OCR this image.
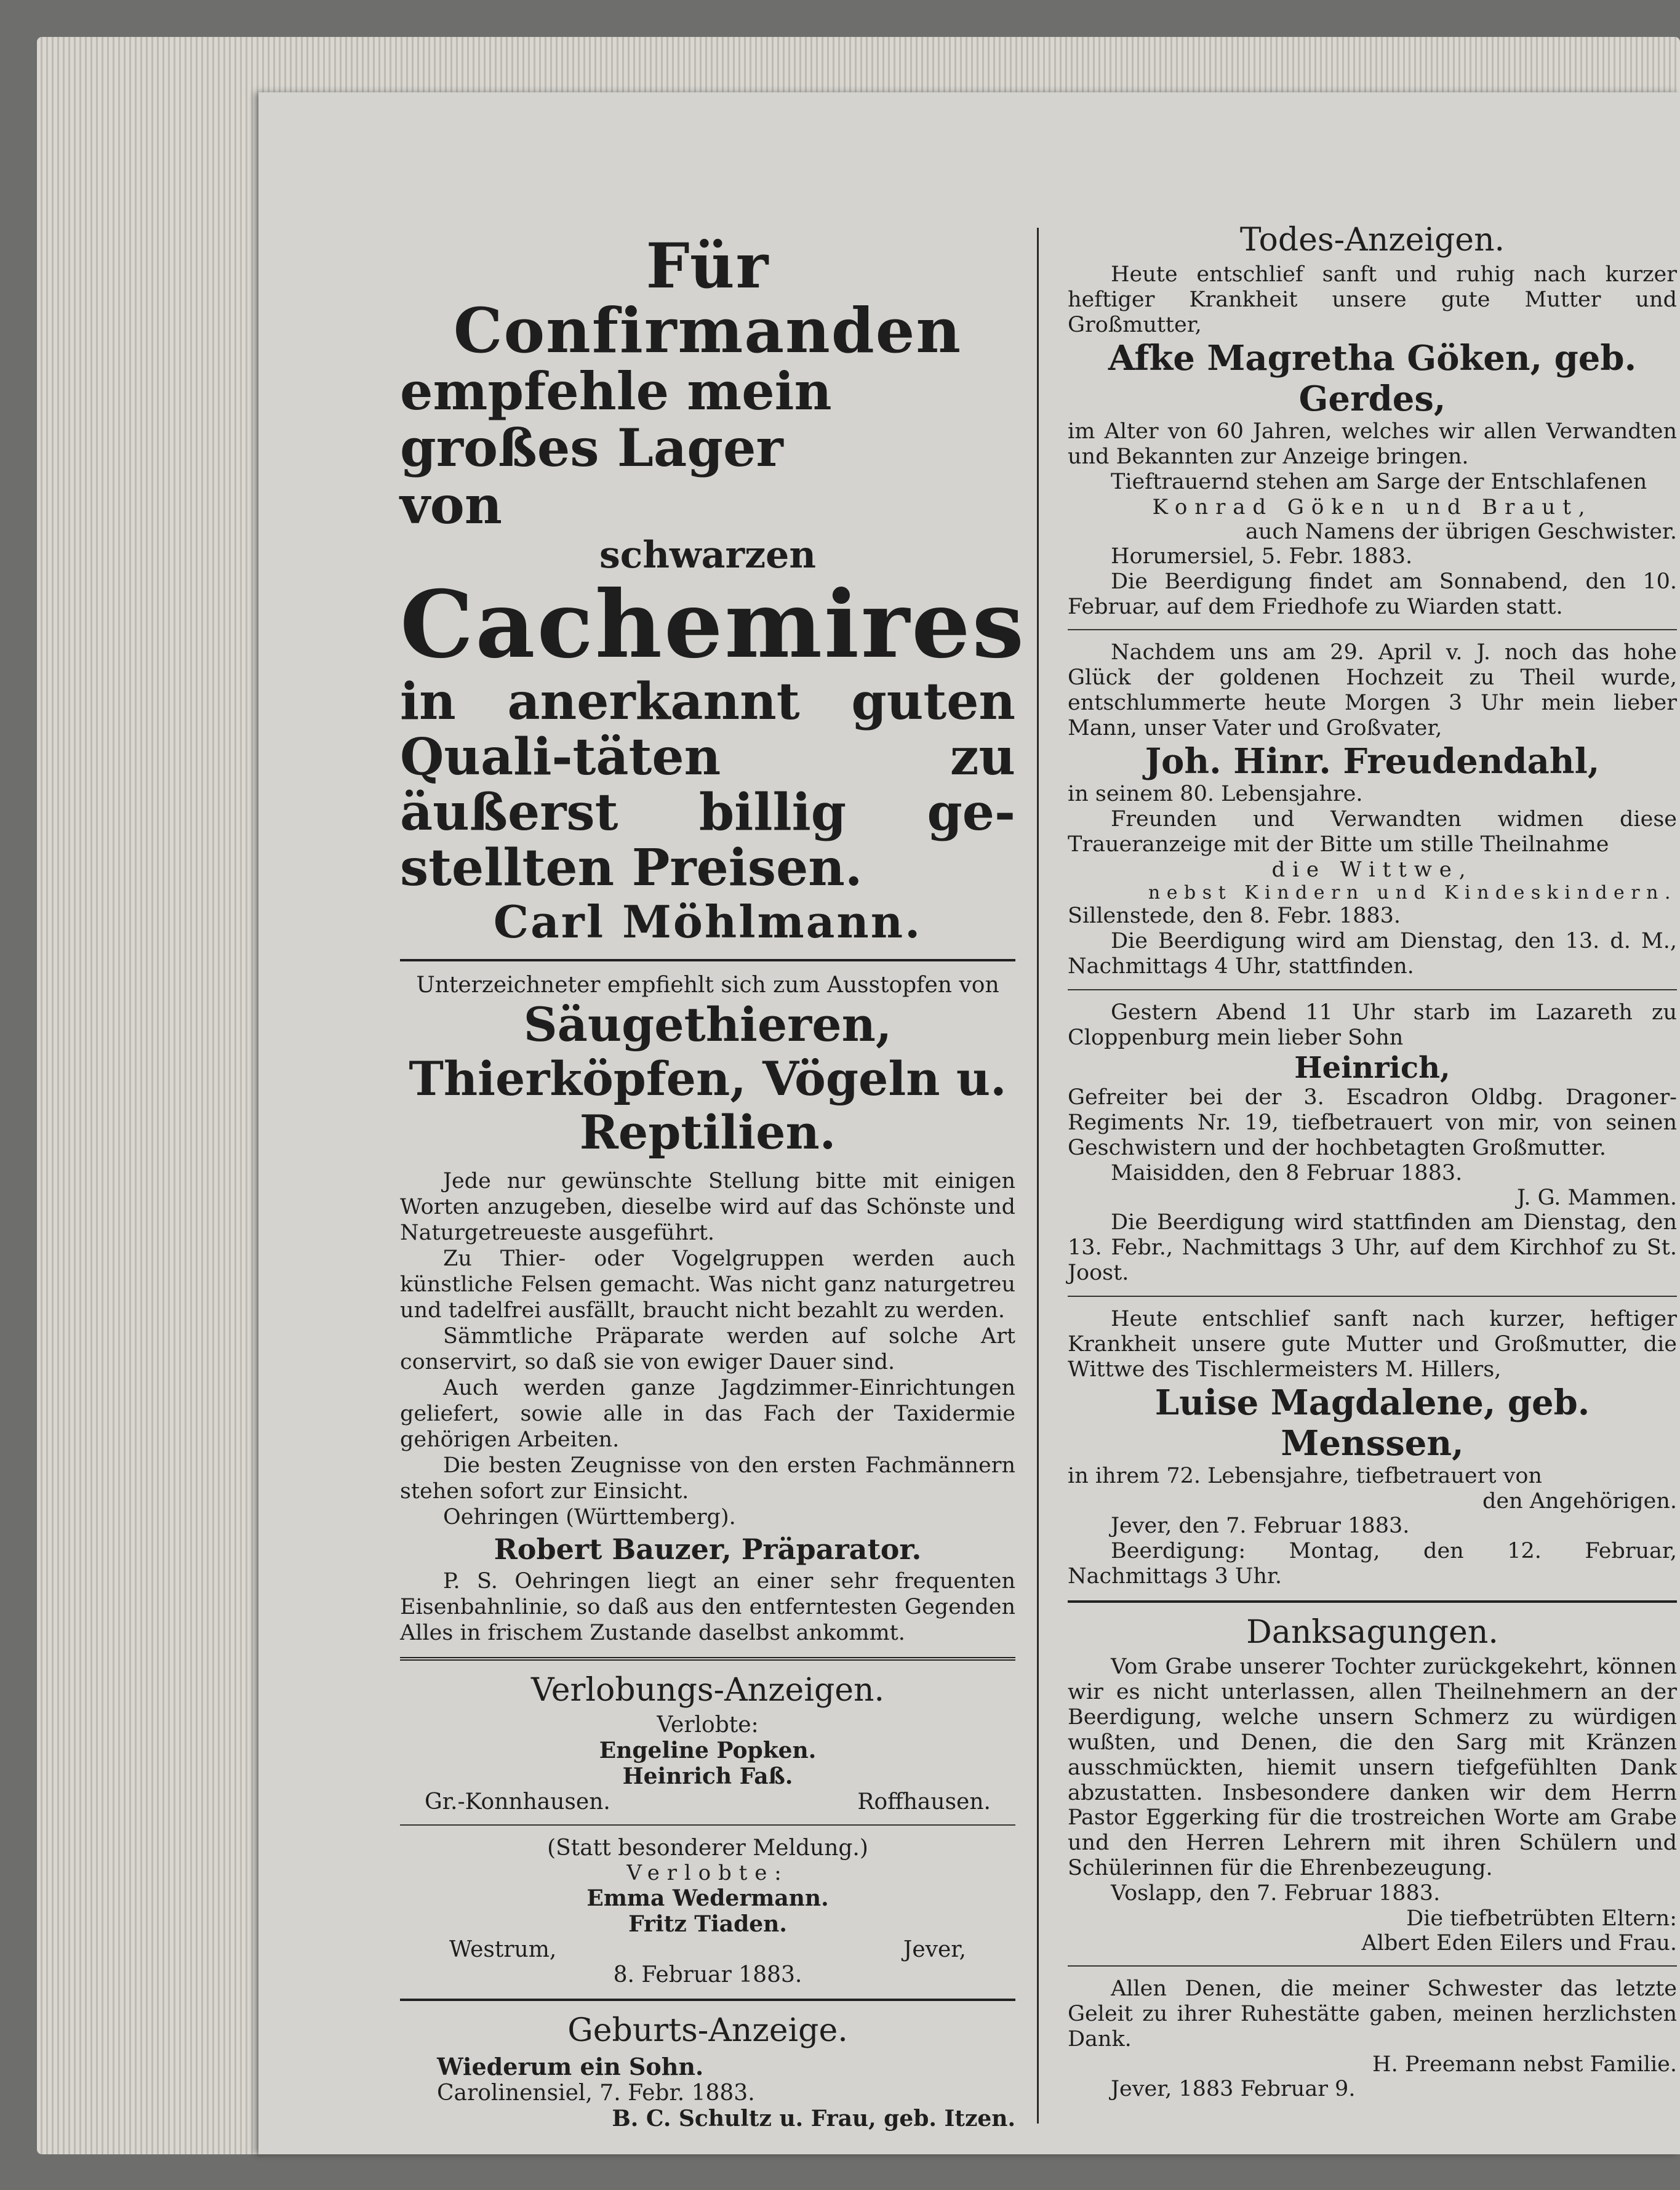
Für Confirmanden
empfehle mein großes Lager
von
schwarzen
Cachemires
in anerkannt guten Quali-täten zu äußerst billig ge-stellten Preisen.
Carl Möhlmann.

Unterzeichneter empfiehlt sich zum Ausstopfen von

Säugethieren, Thierköpfen, Vögeln u. Reptilien.

Jede nur gewünschte Stellung bitte mit einigen Worten anzugeben, dieselbe wird auf das Schönste und Naturgetreueste ausgeführt.

Zu Thier- oder Vogelgruppen werden auch künstliche Felsen gemacht. Was nicht ganz naturgetreu und tadelfrei ausfällt, braucht nicht bezahlt zu werden.

Sämmtliche Präparate werden auf solche Art conservirt, so daß sie von ewiger Dauer sind.

Auch werden ganze Jagdzimmer-Einrichtungen geliefert, sowie alle in das Fach der Taxidermie gehörigen Arbeiten.

Die besten Zeugnisse von den ersten Fachmännern stehen sofort zur Einsicht.

Oehringen (Württemberg).

Robert Bauzer, Präparator.

P. S. Oehringen liegt an einer sehr frequenten Eisenbahnlinie, so daß aus den entferntesten Gegenden Alles in frischem Zustande daselbst ankommt.

Verlobungs-Anzeigen.

Verlobte:

Engeline Popken.

Heinrich Faß.

Gr.-Konnhausen.	Roffhausen.

(Statt besonderer Meldung.)

Verlobte:

Emma Wedermann.

Fritz Tiaden.

Westrum,	Jever,

8. Februar 1883.

Geburts-Anzeige.

Wiederum ein Sohn.

Carolinensiel, 7. Febr. 1883.

B. C. Schultz u. Frau, geb. Itzen.

Todes-Anzeigen.

Heute entschlief sanft und ruhig nach kurzer heftiger Krankheit unsere gute Mutter und Großmutter,

Afke Magretha Göken, geb. Gerdes,

im Alter von 60 Jahren, welches wir allen Verwandten und Bekannten zur Anzeige bringen.

Tieftrauernd stehen am Sarge der Entschlafenen

Konrad Göken und Braut,

auch Namens der übrigen Geschwister.

Horumersiel, 5. Febr. 1883.

Die Beerdigung findet am Sonnabend, den 10. Februar, auf dem Friedhofe zu Wiarden statt.

Nachdem uns am 29. April v. J. noch das hohe Glück der goldenen Hochzeit zu Theil wurde, entschlummerte heute Morgen 3 Uhr mein lieber Mann, unser Vater und Großvater,

Joh. Hinr. Freudendahl,

in seinem 80. Lebensjahre.

Freunden und Verwandten widmen diese Traueranzeige mit der Bitte um stille Theilnahme

die Wittwe,

nebst Kindern und Kindeskindern.

Sillenstede, den 8. Febr. 1883.

Die Beerdigung wird am Dienstag, den 13. d. M., Nachmittags 4 Uhr, stattfinden.

Gestern Abend 11 Uhr starb im Lazareth zu Cloppenburg mein lieber Sohn

Heinrich,

Gefreiter bei der 3. Escadron Oldbg. Dragoner-Regiments Nr. 19, tiefbetrauert von mir, von seinen Geschwistern und der hochbetagten Großmutter.

Maisidden, den 8 Februar 1883.

J. G. Mammen.

Die Beerdigung wird stattfinden am Dienstag, den 13. Febr., Nachmittags 3 Uhr, auf dem Kirchhof zu St. Joost.

Heute entschlief sanft nach kurzer, heftiger Krankheit unsere gute Mutter und Großmutter, die Wittwe des Tischlermeisters M. Hillers,

Luise Magdalene, geb. Menssen,

in ihrem 72. Lebensjahre, tiefbetrauert von

den Angehörigen.

Jever, den 7. Februar 1883.

Beerdigung: Montag, den 12. Februar, Nachmittags 3 Uhr.

Danksagungen.

Vom Grabe unserer Tochter zurückgekehrt, können wir es nicht unterlassen, allen Theilnehmern an der Beerdigung, welche unsern Schmerz zu würdigen wußten, und Denen, die den Sarg mit Kränzen ausschmückten, hiemit unsern tiefgefühlten Dank abzustatten. Insbesondere danken wir dem Herrn Pastor Eggerking für die trostreichen Worte am Grabe und den Herren Lehrern mit ihren Schülern und Schülerinnen für die Ehrenbezeugung.

Voslapp, den 7. Februar 1883.

Die tiefbetrübten Eltern:

Albert Eden Eilers und Frau.

Allen Denen, die meiner Schwester das letzte Geleit zu ihrer Ruhestätte gaben, meinen herzlichsten Dank.

H. Preemann nebst Familie.

Jever, 1883 Februar 9.
